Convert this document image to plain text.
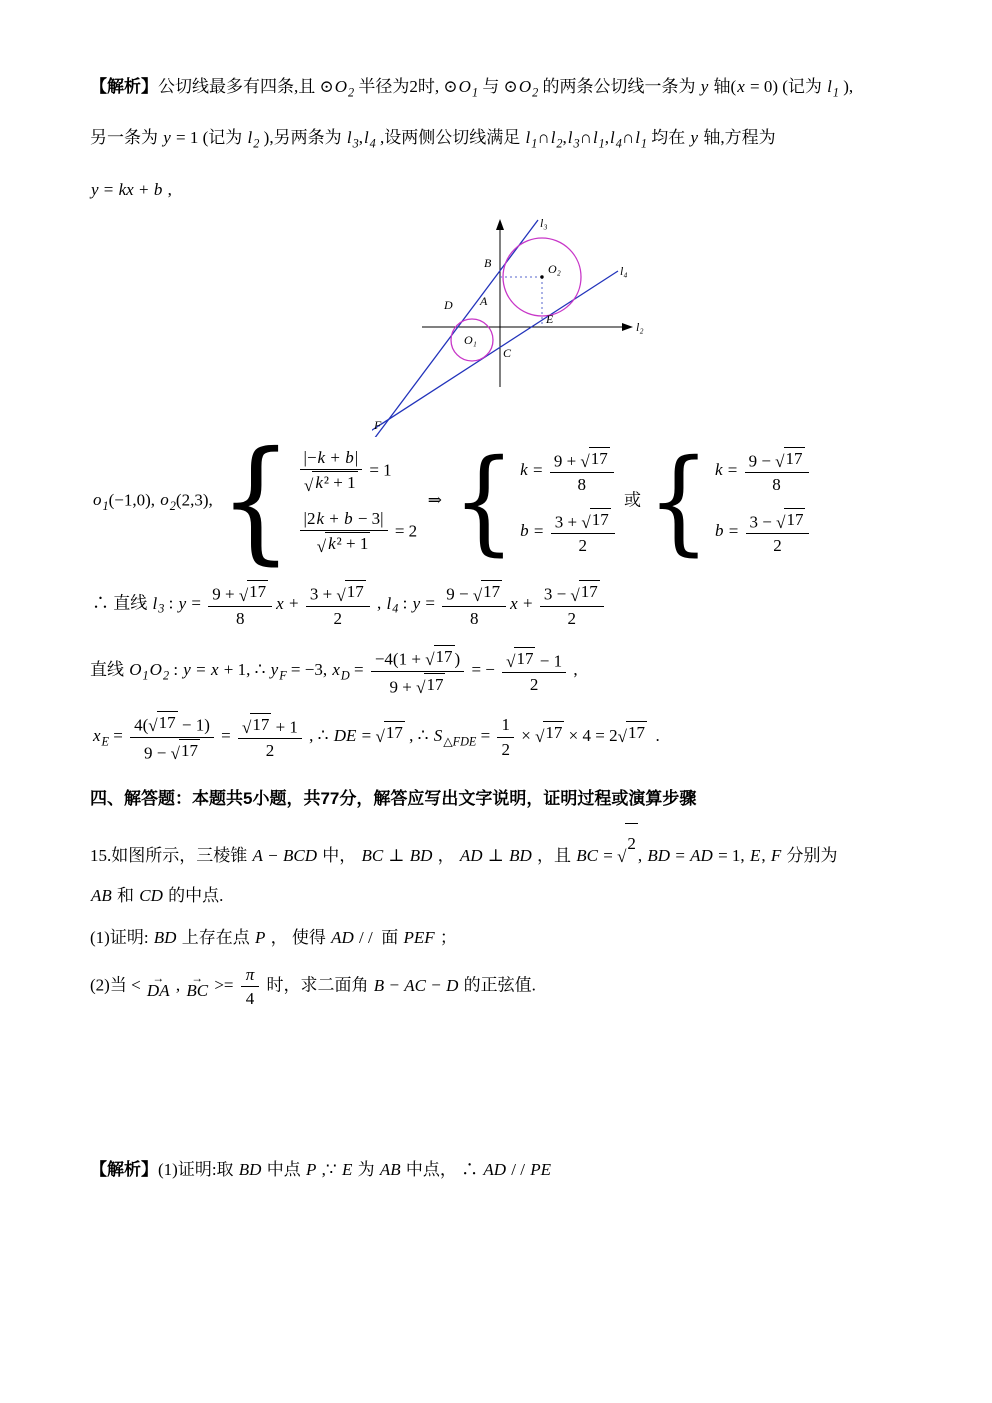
【解析】公切线最多有四条,且 $⊙O_2$ 半径为2时, $⊙O_1$ 与 $⊙O_2$ 的两条公切线一条为 y 轴(x = 0) (记为 $l_1$ ),

另一条为 y = 1 (记为 $l_2$ ),另两条为 $l_3,l_4$ ,设两侧公切线满足 $l_1\cap l_2,l_3\cap l_1,l_4\cap l_1$ 均在 y 轴,方程为

y = kx + b ,

l₃
B	O₂	l₄
D A
E
l₂
O₁
C
F

$o_1(-1,0)$, $o_2(2,3)$, { $\frac{|-k + b|}{\text{√ k² + 1}} = 1$
$\frac{|2k + b - 3|}{\text{√ k² + 1}} = 2$
⇒ { $k = \frac{9 + √ 17}{8}$
$b = \frac{3 + √ 17}{2}$
或 { $k = \frac{9 - √ 17}{8}$
$b = \frac{3 - √ 17}{2}$

∴ 直线 $l_3$ : $y = \frac{9 + √ 17}{8}$ $x + \frac{3 + √ 17}{2}$ , $l_4$ : $y = \frac{9 - √ 17}{8}$ $x + \frac{3 - √ 17}{2}$

直线 $O_1O_2$ : y = x + 1, ∴ $y_F = -3$, $x_D = \frac{-4(1 + √ 17 )}{9 + √ 17}$ = − $\frac{√ 17 - 1}{2}$ ,

$x_E = \frac{4( √ 17 - 1)}{9 - √ 17} = \frac{√ 17 + 1}{2}$ , ∴ DE = √ 17 , ∴ $S_{\triangle FDE} = \frac{1}{2}$ × √ 17 × 4 = 2 √ 17 .

四、解答题：本题共5小题，共77分，解答应写出文字说明，证明过程或演算步骤

15.如图所示，三棱锥 A − BCD 中， BC ⊥ BD ， AD ⊥ BD ，且 BC = √
2
, BD = AD = 1, E, F 分别为

AB 和 CD 的中点.

(1)证明: BD 上存在点 P ， 使得 AD / /  面 PEF ；

(2)当 < →
DA , →
BC >= $\frac{\pi}{4}$ 时，求二面角 B − AC − D 的正弦值.

【解析】(1)证明:取 BD 中点 P ,∵ E 为 AB 中点， ∴ AD / / PE
